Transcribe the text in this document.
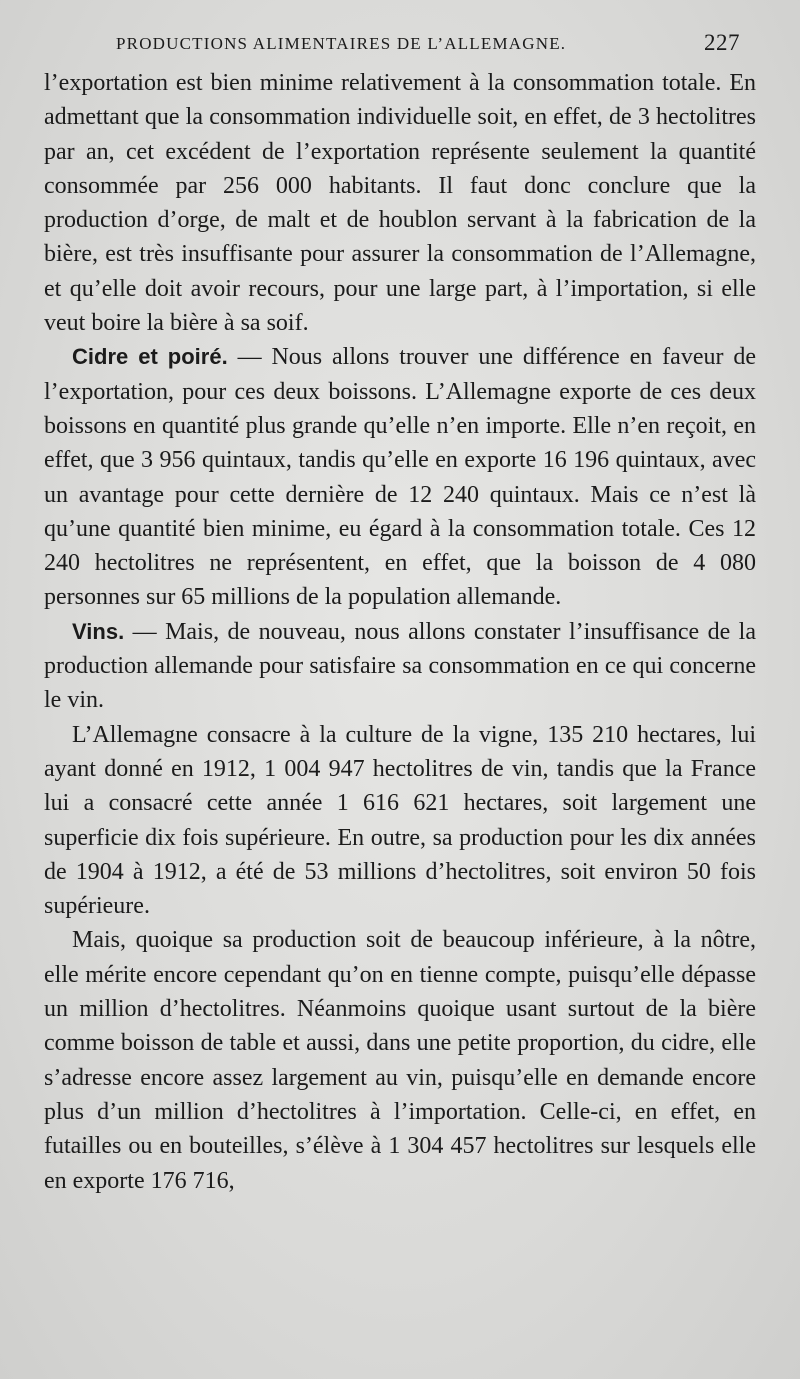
PRODUCTIONS ALIMENTAIRES DE L’ALLEMAGNE.	227

l’exportation est bien minime relativement à la consommation totale. En admettant que la consommation individuelle soit, en effet, de 3 hectolitres par an, cet excédent de l’exportation représente seulement la quantité consommée par 256 000 habitants. Il faut donc conclure que la production d’orge, de malt et de houblon servant à la fabrication de la bière, est très insuffisante pour assurer la consommation de l’Allemagne, et qu’elle doit avoir recours, pour une large part, à l’importation, si elle veut boire la bière à sa soif.

Cidre et poiré. — Nous allons trouver une différence en faveur de l’exportation, pour ces deux boissons. L’Allemagne exporte de ces deux boissons en quantité plus grande qu’elle n’en importe. Elle n’en reçoit, en effet, que 3 956 quintaux, tandis qu’elle en exporte 16 196 quintaux, avec un avantage pour cette dernière de 12 240 quintaux. Mais ce n’est là qu’une quantité bien minime, eu égard à la consommation totale. Ces 12 240 hectolitres ne représentent, en effet, que la boisson de 4 080 personnes sur 65 millions de la population allemande.

Vins. — Mais, de nouveau, nous allons constater l’insuffisance de la production allemande pour satisfaire sa consommation en ce qui concerne le vin.

L’Allemagne consacre à la culture de la vigne, 135 210 hectares, lui ayant donné en 1912, 1 004 947 hectolitres de vin, tandis que la France lui a consacré cette année 1 616 621 hectares, soit largement une superficie dix fois supérieure. En outre, sa production pour les dix années de 1904 à 1912, a été de 53 millions d’hectolitres, soit environ 50 fois supérieure.

Mais, quoique sa production soit de beaucoup inférieure, à la nôtre, elle mérite encore cependant qu’on en tienne compte, puisqu’elle dépasse un million d’hectolitres. Néanmoins quoique usant surtout de la bière comme boisson de table et aussi, dans une petite proportion, du cidre, elle s’adresse encore assez largement au vin, puisqu’elle en demande encore plus d’un million d’hectolitres à l’importation. Celle-ci, en effet, en futailles ou en bouteilles, s’élève à 1 304 457 hectolitres sur lesquels elle en exporte 176 716,
